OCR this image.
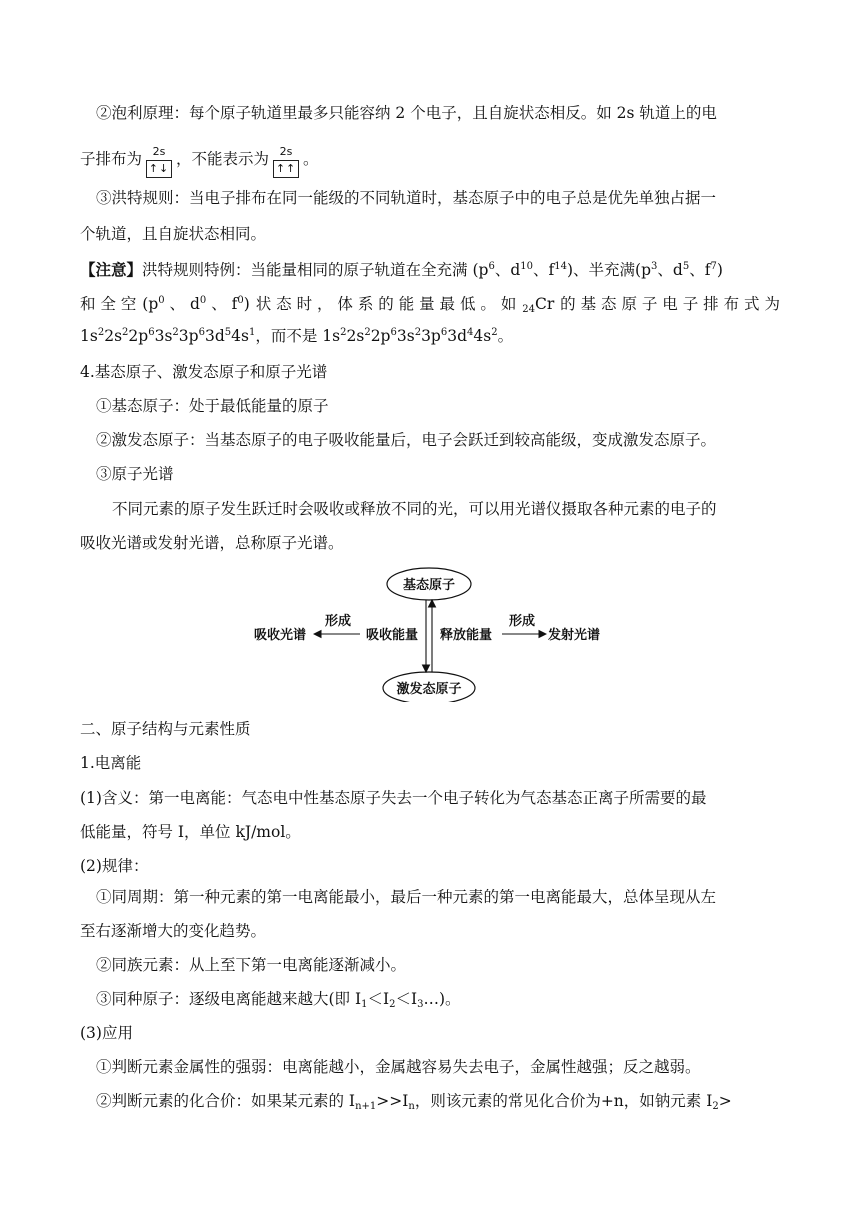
②泡利原理：每个原子轨道里最多只能容纳 2 个电子，且自旋状态相反。如 2s 轨道上的电
子排布为 2s
↑↓
，不能表示为 2s
↑↑
。
③洪特规则：当电子排布在同一能级的不同轨道时，基态原子中的电子总是优先单独占据一
个轨道，且自旋状态相同。
【注意】洪特规则特例：当能量相同的原子轨道在全充满 ($p^6$、$d^{10}$、$f^{14}$)、半充满($p^3$、$d^5$、$f^7$)
和 全 空 ($p^0$ 、 $d^0$ 、 $f^0$) 状 态 时 ， 体 系 的 能 量 最 低 。 如 $_{24}$Cr 的 基 态 原 子 电 子 排 布 式 为
$1s^22s^22p^63s^23p^63d^54s^1$，而不是 $1s^22s^22p^63s^23p^63d^44s^2$。
4.基态原子、激发态原子和原子光谱
①基态原子：处于最低能量的原子
②激发态原子：当基态原子的电子吸收能量后，电子会跃迁到较高能级，变成激发态原子。
③原子光谱
不同元素的原子发生跃迁时会吸收或释放不同的光，可以用光谱仪摄取各种元素的电子的
吸收光谱或发射光谱，总称原子光谱。
基态原子
激发态原子
吸收能量 释放能量
形成
吸收光谱
形成
发射光谱
二、原子结构与元素性质
1.电离能
(1)含义：第一电离能：气态电中性基态原子失去一个电子转化为气态基态正离子所需要的最
低能量，符号 I，单位 kJ/mol。
(2)规律：
①同周期：第一种元素的第一电离能最小，最后一种元素的第一电离能最大，总体呈现从左
至右逐渐增大的变化趋势。
②同族元素：从上至下第一电离能逐渐减小。
③同种原子：逐级电离能越来越大(即 $I_1<I_2<I_3\dots$)。
(3)应用
①判断元素金属性的强弱：电离能越小，金属越容易失去电子，金属性越强；反之越弱。
②判断元素的化合价：如果某元素的 $I_{n+1}>>I_n$，则该元素的常见化合价为+n，如钠元素 $I_2>$
